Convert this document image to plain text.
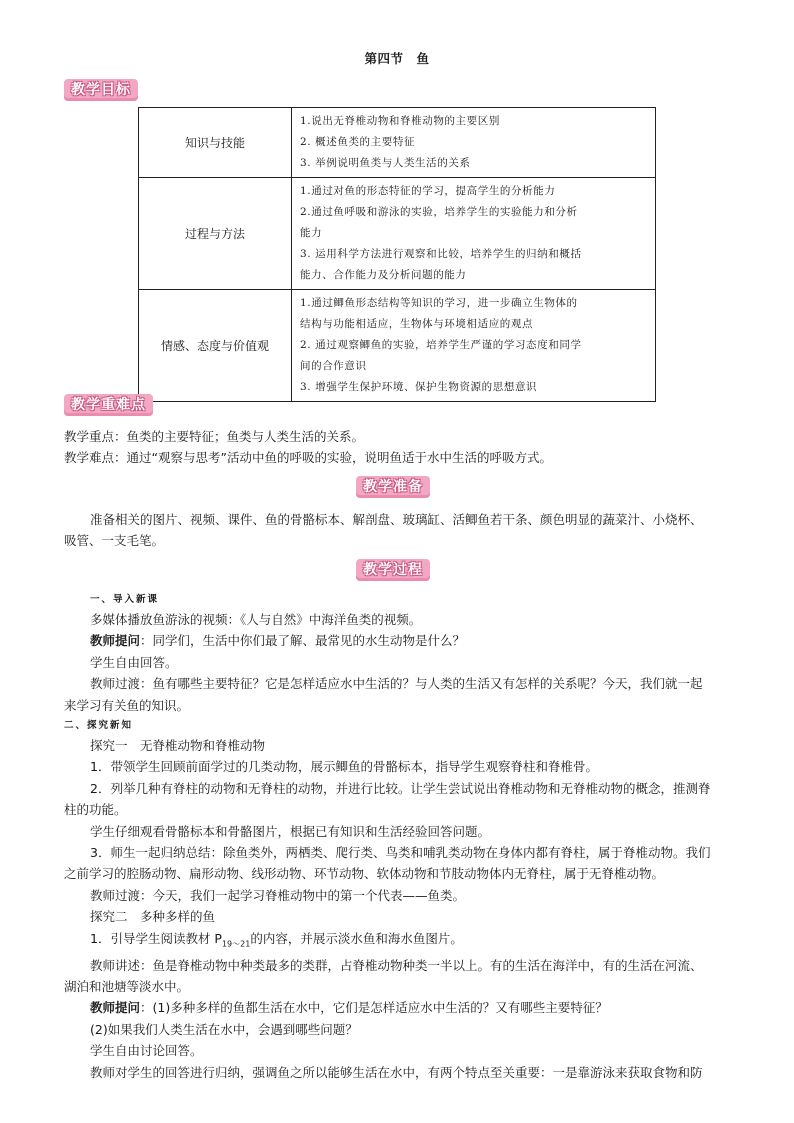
第四节　鱼
教学目标
知识与技能	1.说出无脊椎动物和脊椎动物的主要区别
2. 概述鱼类的主要特征
3. 举例说明鱼类与人类生活的关系

过程与方法	1.通过对鱼的形态特征的学习，提高学生的分析能力
2.通过鱼呼吸和游泳的实验，培养学生的实验能力和分析
能力
3. 运用科学方法进行观察和比较，培养学生的归纳和概括
能力、合作能力及分析问题的能力

情感、态度与价值观	1.通过鲫鱼形态结构等知识的学习，进一步确立生物体的
结构与功能相适应，生物体与环境相适应的观点
2. 通过观察鲫鱼的实验，培养学生严谨的学习态度和同学
间的合作意识
3. 增强学生保护环境、保护生物资源的思想意识
教学重难点
教学重点：鱼类的主要特征；鱼类与人类生活的关系。
教学难点：通过“观察与思考”活动中鱼的呼吸的实验，说明鱼适于水中生活的呼吸方式。
教学准备
准备相关的图片、视频、课件、鱼的骨骼标本、解剖盘、玻璃缸、活鲫鱼若干条、颜色明显的蔬菜汁、小烧杯、
吸管、一支毛笔。
教学过程

一、导入新课

多媒体播放鱼游泳的视频：《人与自然》中海洋鱼类的视频。

教师提问：同学们，生活中你们最了解、最常见的水生动物是什么？

学生自由回答。

教师过渡：鱼有哪些主要特征？它是怎样适应水中生活的？与人类的生活又有怎样的关系呢？今天，我们就一起

来学习有关鱼的知识。

二、探究新知

探究一　无脊椎动物和脊椎动物

1．带领学生回顾前面学过的几类动物，展示鲫鱼的骨骼标本，指导学生观察脊柱和脊椎骨。

2．列举几种有脊柱的动物和无脊柱的动物，并进行比较。让学生尝试说出脊椎动物和无脊椎动物的概念，推测脊

柱的功能。

学生仔细观看骨骼标本和骨骼图片，根据已有知识和生活经验回答问题。

3．师生一起归纳总结：除鱼类外，两栖类、爬行类、鸟类和哺乳类动物在身体内都有脊柱，属于脊椎动物。我们

之前学习的腔肠动物、扁形动物、线形动物、环节动物、软体动物和节肢动物体内无脊柱，属于无脊椎动物。

教师过渡：今天，我们一起学习脊椎动物中的第一个代表——鱼类。

探究二　多种多样的鱼

1．引导学生阅读教材 $P_{19\sim 21}$的内容，并展示淡水鱼和海水鱼图片。

教师讲述：鱼是脊椎动物中种类最多的类群，占脊椎动物种类一半以上。有的生活在海洋中，有的生活在河流、

湖泊和池塘等淡水中。

教师提问：(1)多种多样的鱼都生活在水中，它们是怎样适应水中生活的？又有哪些主要特征？

(2)如果我们人类生活在水中，会遇到哪些问题？

学生自由讨论回答。

教师对学生的回答进行归纳，强调鱼之所以能够生活在水中，有两个特点至关重要：一是靠游泳来获取食物和防
